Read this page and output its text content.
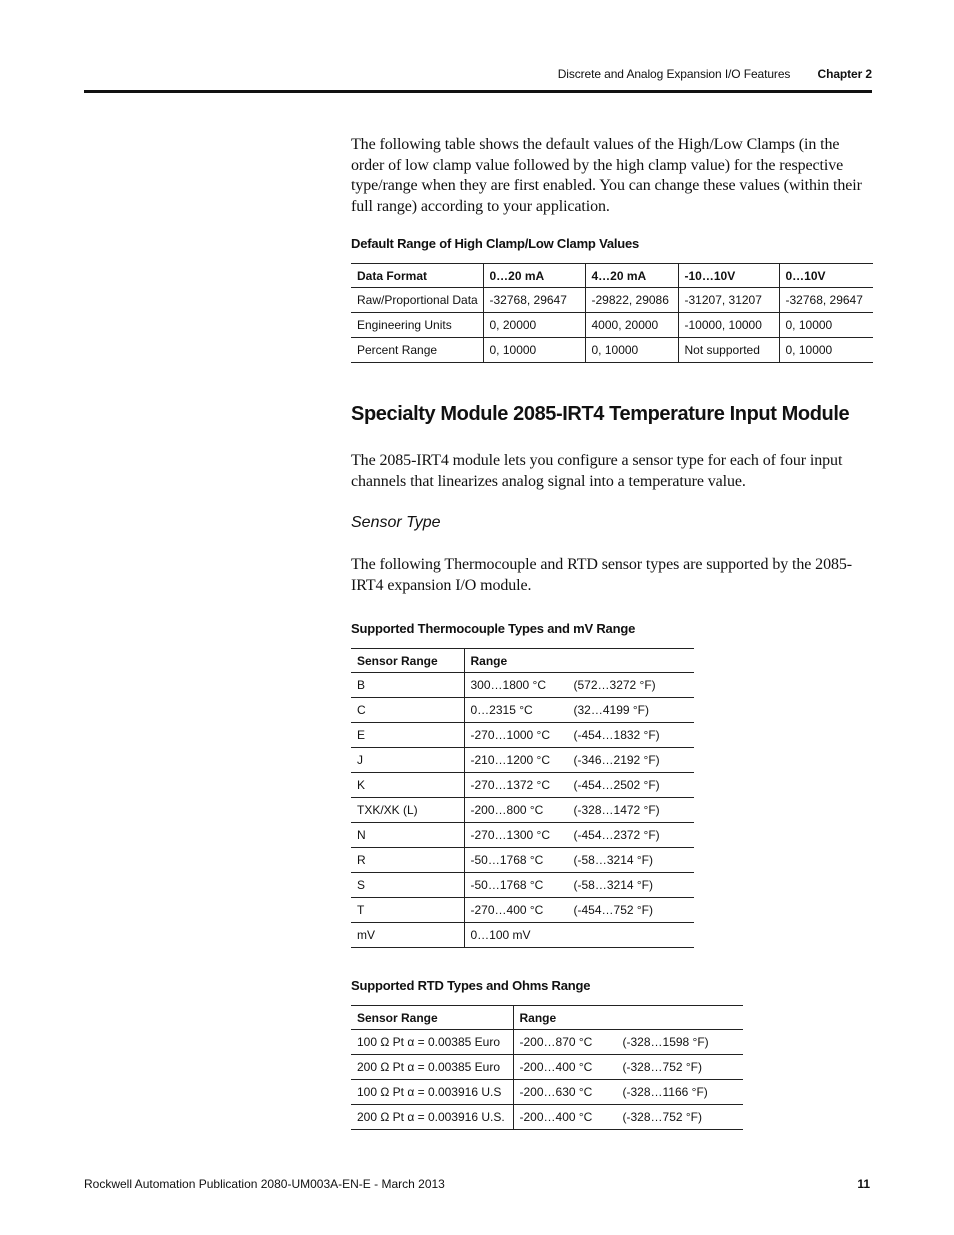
Discrete and Analog Expansion I/O Features Chapter 2

The following table shows the default values of the High/Low Clamps (in the order of low clamp value followed by the high clamp value) for the respective type/range when they are first enabled. You can change these values (within their full range) according to your application.

Default Range of High Clamp/Low Clamp Values

Data Format	0…20 mA	4…20 mA	-10…10V	0…10V
Raw/Proportional Data	-32768, 29647	-29822, 29086	-31207, 31207	-32768, 29647
Engineering Units	0, 20000	4000, 20000	-10000, 10000	0, 10000
Percent Range	0, 10000	0, 10000	Not supported	0, 10000
Specialty Module 2085-IRT4 Temperature Input Module

The 2085-IRT4 module lets you configure a sensor type for each of four input channels that linearizes analog signal into a temperature value.

Sensor Type

The following Thermocouple and RTD sensor types are supported by the 2085-IRT4 expansion I/O module.

Supported Thermocouple Types and mV Range

Sensor Range	Range
B	300…1800 °C (572…3272 °F)
C	0…2315 °C (32…4199 °F)
E	-270…1000 °C (-454…1832 °F)
J	-210…1200 °C (-346…2192 °F)
K	-270…1372 °C (-454…2502 °F)
TXK/XK (L)	-200…800 °C (-328…1472 °F)
N	-270…1300 °C (-454…2372 °F)
R	-50…1768 °C (-58…3214 °F)
S	-50…1768 °C (-58…3214 °F)
T	-270…400 °C (-454…752 °F)
mV	0…100 mV

Supported RTD Types and Ohms Range

Sensor Range	Range
100 Ω Pt α = 0.00385 Euro	-200…870 °C (-328…1598 °F)
200 Ω Pt α = 0.00385 Euro	-200…400 °C (-328…752 °F)
100 Ω Pt α = 0.003916 U.S	-200…630 °C (-328…1166 °F)
200 Ω Pt α = 0.003916 U.S.	-200…400 °C (-328…752 °F)
Rockwell Automation Publication 2080-UM003A-EN-E - March 2013	11
